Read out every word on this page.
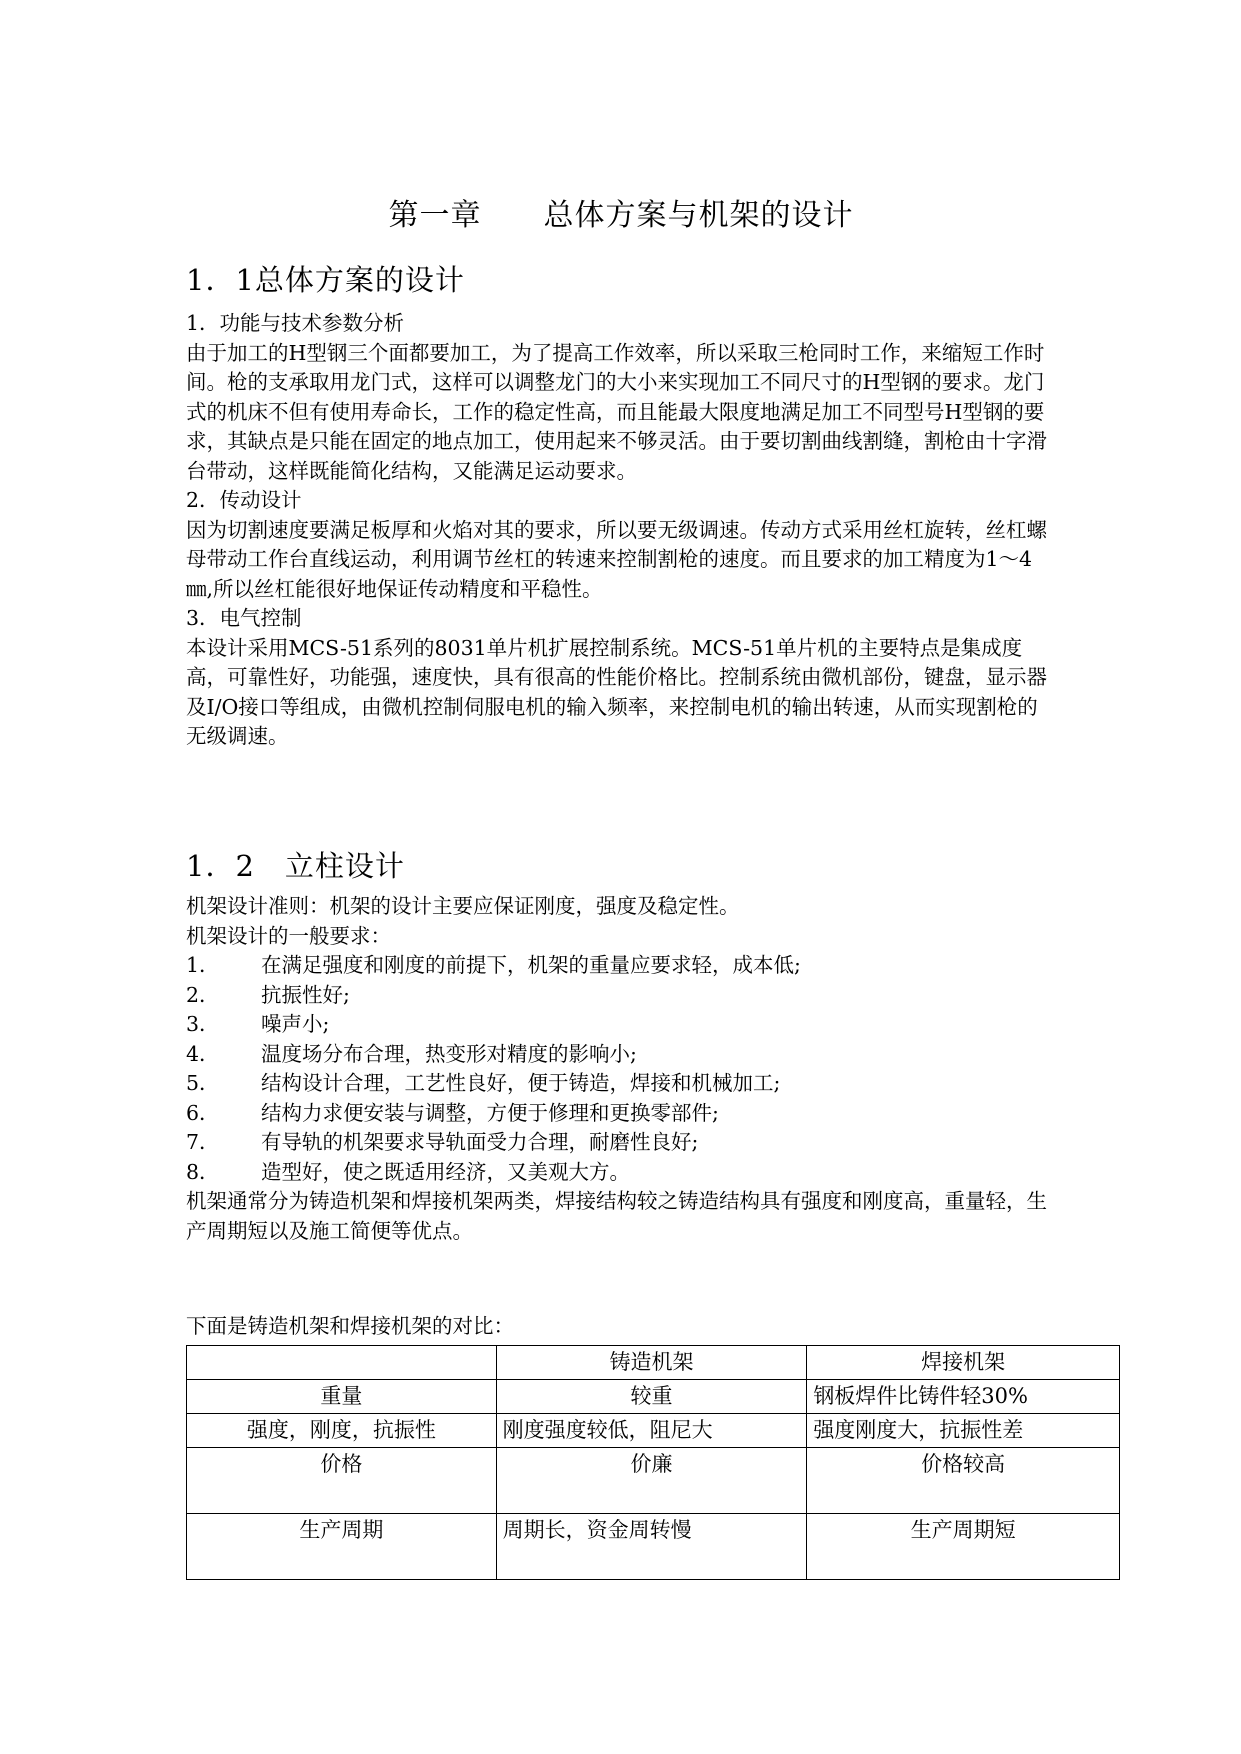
第一章　　总体方案与机架的设计
1．1总体方案的设计

1．功能与技术参数分析

由于加工的H型钢三个面都要加工，为了提高工作效率，所以采取三枪同时工作，来缩短工作时间。枪的支承取用龙门式，这样可以调整龙门的大小来实现加工不同尺寸的H型钢的要求。龙门式的机床不但有使用寿命长，工作的稳定性高，而且能最大限度地满足加工不同型号H型钢的要求，其缺点是只能在固定的地点加工，使用起来不够灵活。由于要切割曲线割缝，割枪由十字滑台带动，这样既能简化结构，又能满足运动要求。

2．传动设计

因为切割速度要满足板厚和火焰对其的要求，所以要无级调速。传动方式采用丝杠旋转，丝杠螺母带动工作台直线运动，利用调节丝杠的转速来控制割枪的速度。而且要求的加工精度为1～4㎜,所以丝杠能很好地保证传动精度和平稳性。

3．电气控制

本设计采用MCS-51系列的8031单片机扩展控制系统。MCS-51单片机的主要特点是集成度高，可靠性好，功能强，速度快，具有很高的性能价格比。控制系统由微机部份，键盘，显示器及I/O接口等组成，由微机控制伺服电机的输入频率，来控制电机的输出转速，从而实现割枪的无级调速。

1．2　立柱设计

机架设计准则：机架的设计主要应保证刚度，强度及稳定性。

机架设计的一般要求：

1．	在满足强度和刚度的前提下，机架的重量应要求轻，成本低;
2．	抗振性好;
3．	噪声小;
4．	温度场分布合理，热变形对精度的影响小;
5．	结构设计合理，工艺性良好，便于铸造，焊接和机械加工;
6．	结构力求便安装与调整，方便于修理和更换零部件;
7．	有导轨的机架要求导轨面受力合理，耐磨性良好;
8．	造型好，使之既适用经济，又美观大方。

机架通常分为铸造机架和焊接机架两类，焊接结构较之铸造结构具有强度和刚度高，重量轻，生产周期短以及施工简便等优点。

下面是铸造机架和焊接机架的对比：
	铸造机架	焊接机架
重量	较重	钢板焊件比铸件轻30%
强度，刚度，抗振性	刚度强度较低，阻尼大	强度刚度大，抗振性差
价格	价廉	价格较高
生产周期	周期长，资金周转慢	生产周期短
